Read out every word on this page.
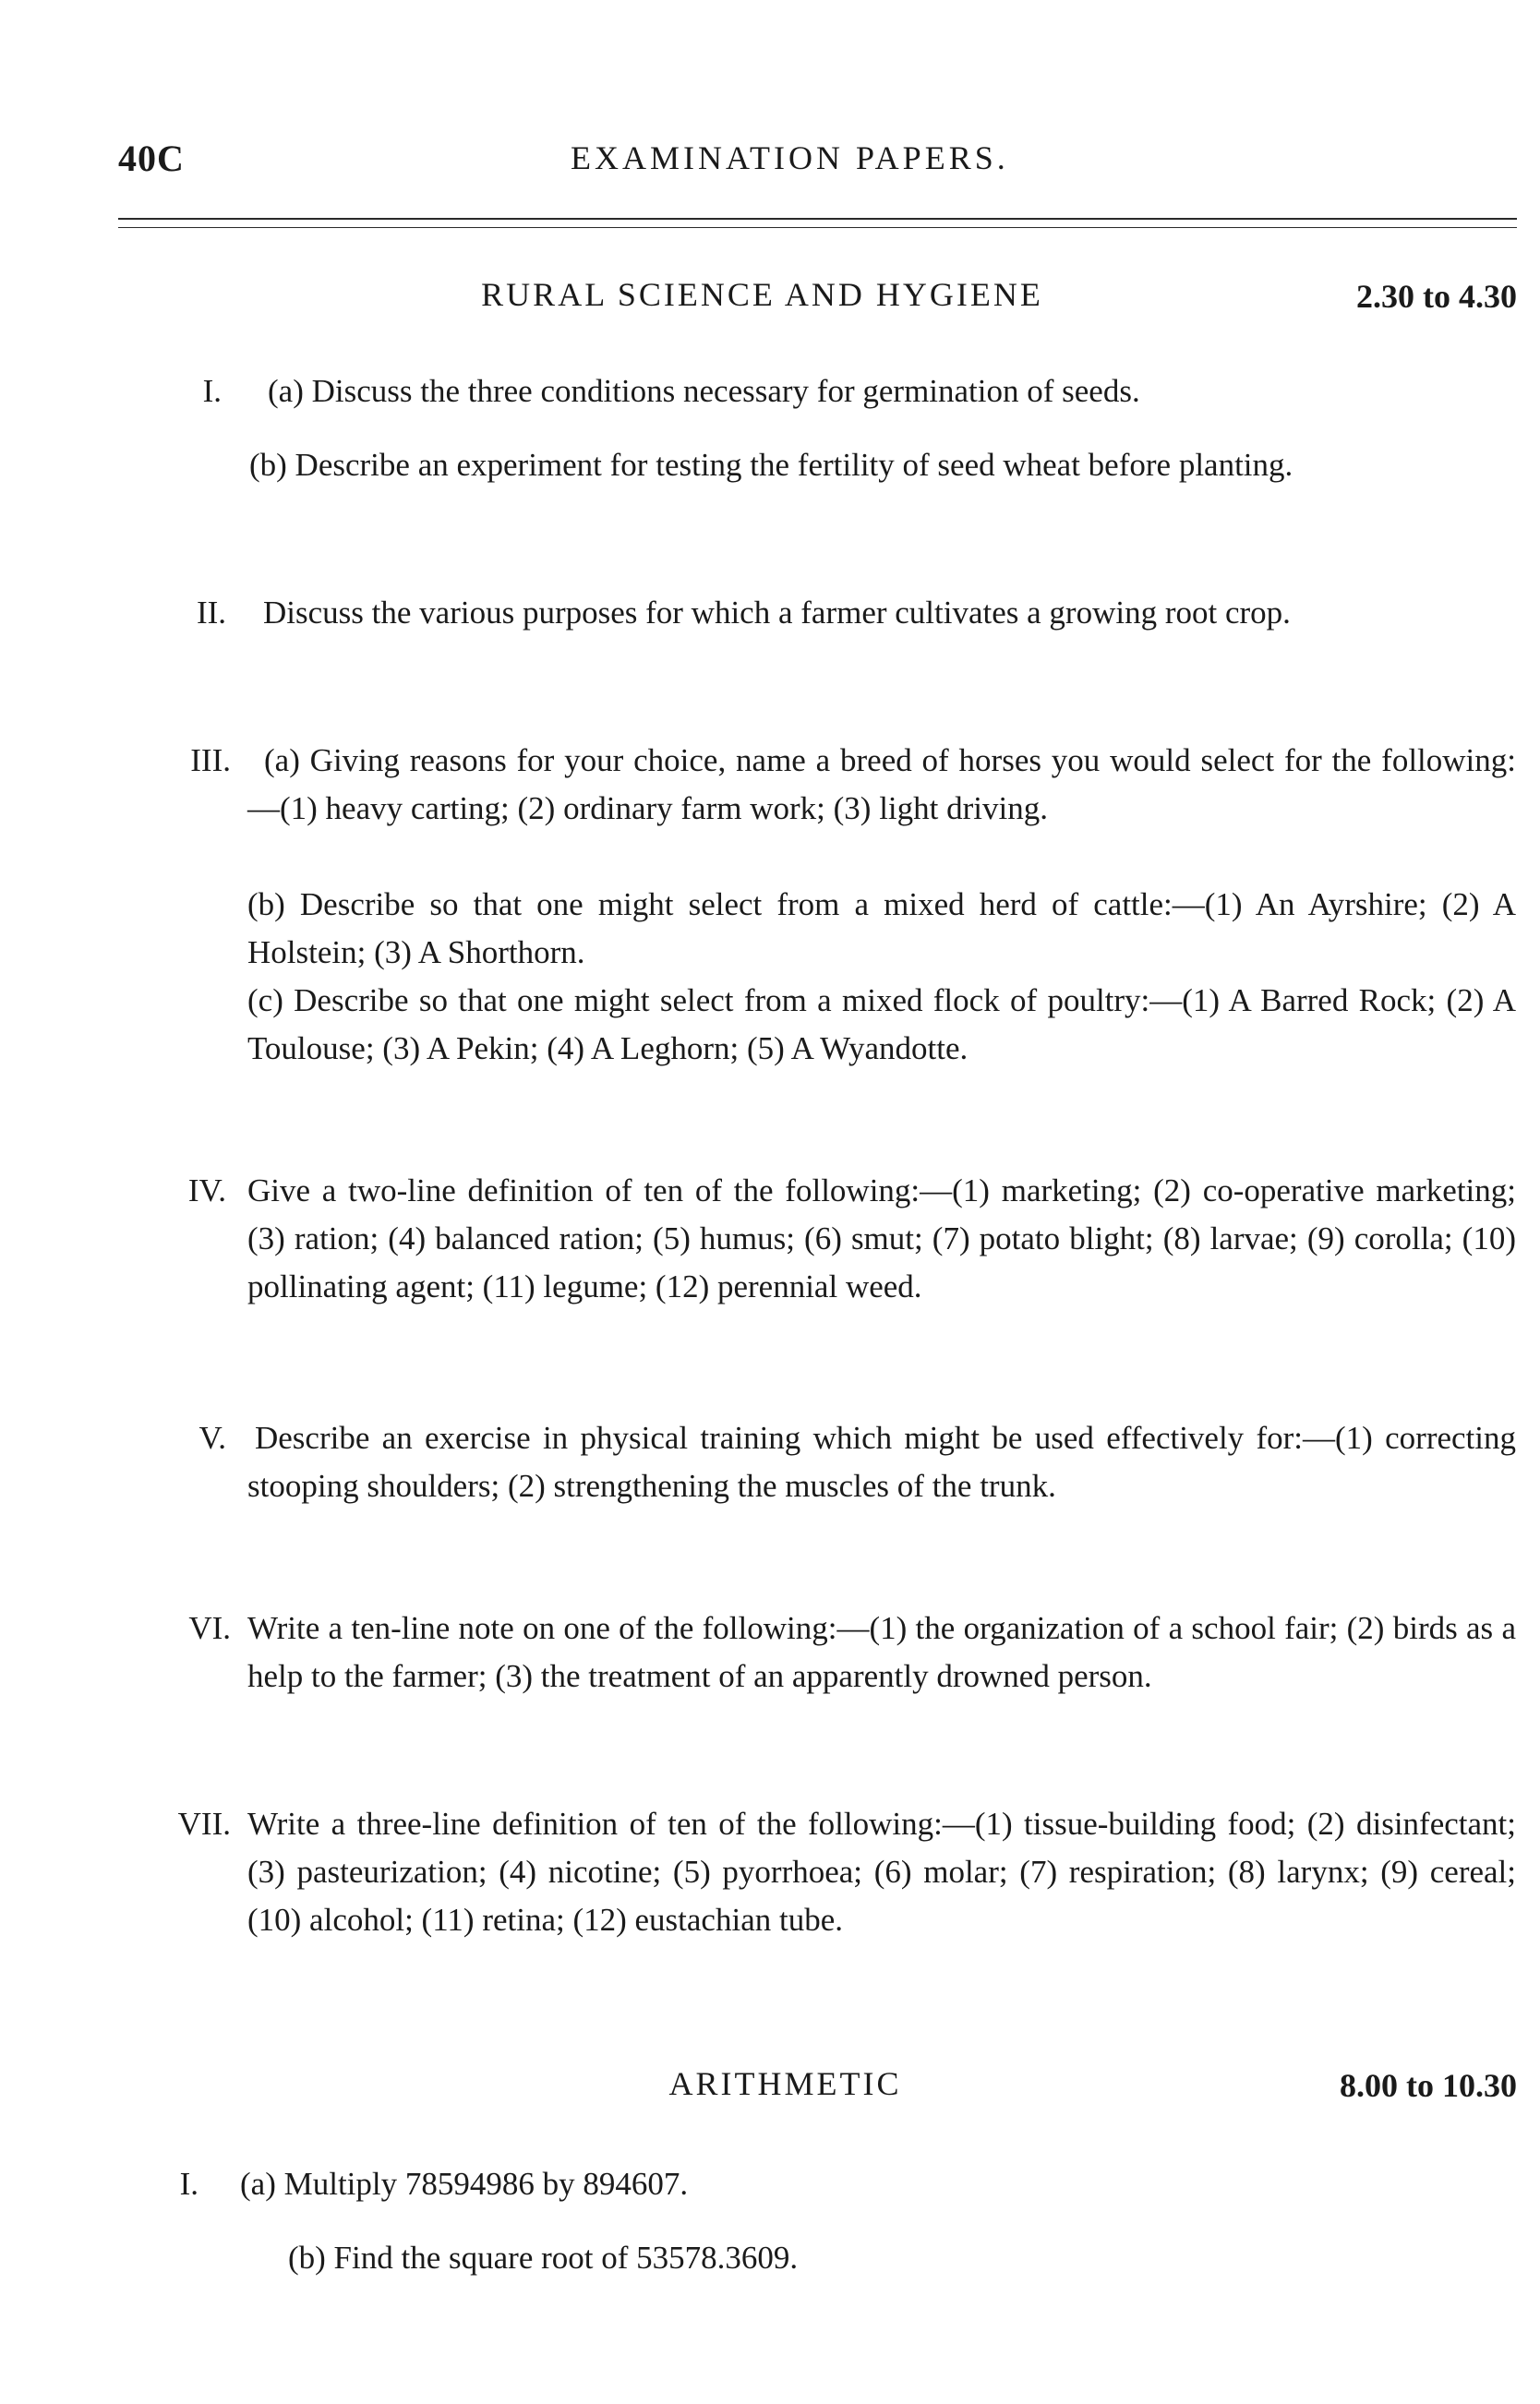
40C	EXAMINATION PAPERS.
RURAL SCIENCE AND HYGIENE	2.30 to 4.30
I. (a) Discuss the three conditions necessary for germination of seeds.
(b) Describe an experiment for testing the fertility of seed wheat before planting.
II. Discuss the various purposes for which a farmer cultivates a growing root crop.
III.	(a) Giving reasons for your choice, name a breed of horses you would select for the following:—(1) heavy carting; (2) ordinary farm work; (3) light driving.
(b) Describe so that one might select from a mixed herd of cattle:—(1) An Ayrshire; (2) A Holstein; (3) A Shorthorn.
(c) Describe so that one might select from a mixed flock of poultry:—(1) A Barred Rock; (2) A Toulouse; (3) A Pekin; (4) A Leghorn; (5) A Wyandotte.
IV. Give a two-line definition of ten of the following:—(1) marketing; (2) co-operative marketing; (3) ration; (4) balanced ration; (5) humus; (6) smut; (7) potato blight; (8) larvae; (9) corolla; (10) pollinating agent; (11) legume; (12) perennial weed.
V. Describe an exercise in physical training which might be used effectively for:—(1) correcting stooping shoulders; (2) strengthening the muscles of the trunk.
VI. Write a ten-line note on one of the following:—(1) the organization of a school fair; (2) birds as a help to the farmer; (3) the treatment of an apparently drowned person.
VII. Write a three-line definition of ten of the following:—(1) tissue-building food; (2) disinfectant; (3) pasteurization; (4) nicotine; (5) pyorrhoea; (6) molar; (7) respiration; (8) larynx; (9) cereal; (10) alcohol; (11) retina; (12) eustachian tube.
ARITHMETIC	8.00 to 10.30
I. (a) Multiply 78594986 by 894607.
(b) Find the square root of 53578.3609.
